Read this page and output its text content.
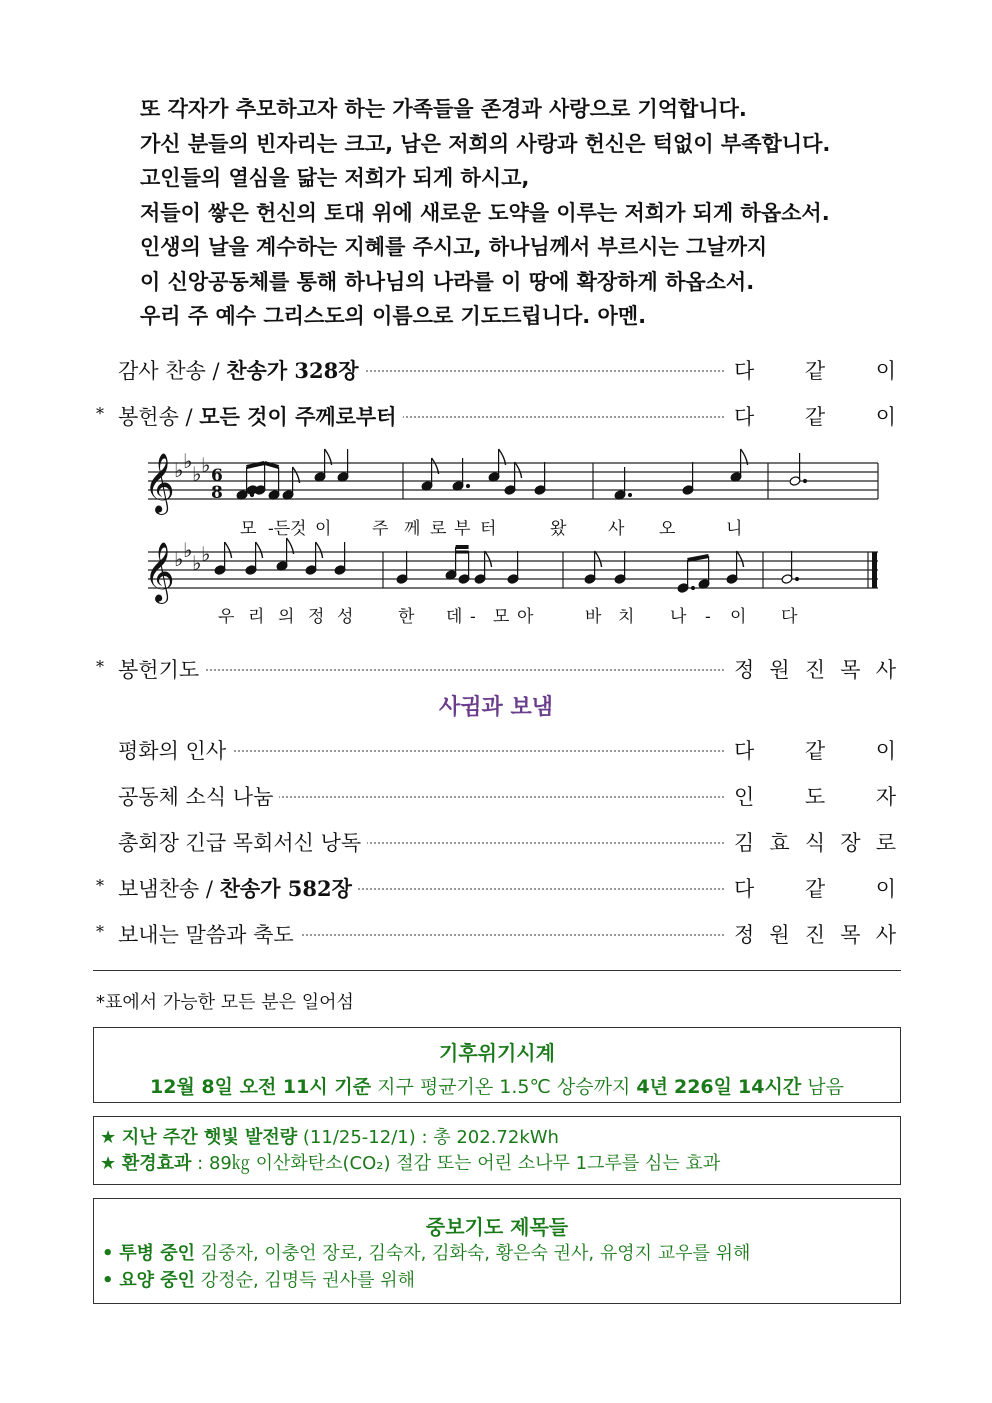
또 각자가 추모하고자 하는 가족들을 존경과 사랑으로 기억합니다.
가신 분들의 빈자리는 크고, 남은 저희의 사랑과 헌신은 턱없이 부족합니다.
고인들의 열심을 닮는 저희가 되게 하시고,
저들이 쌓은 헌신의 토대 위에 새로운 도약을 이루는 저희가 되게 하옵소서.
인생의 날을 계수하는 지혜를 주시고, 하나님께서 부르시는 그날까지
이 신앙공동체를 통해 하나님의 나라를 이 땅에 확장하게 하옵소서.
우리 주 예수 그리스도의 이름으로 기도드립니다. 아멘.
감사 찬송 / 찬송가 328장	다 같 이
* 봉헌송 / 모든 것이 주께로부터	다 같 이
𝄞
𝄞
♭ ♭
♭ ♭
♭ ♭
♭ ♭
6
8
모 -든 것 이 주 께 로 부 터	왔 사 오	니
우 리 의 정 성	한 데 - 모 아	바 치 나 - 이 다
* 봉헌기도	정 원 진 목 사
사귐과 보냄
평화의 인사	다 같 이
공동체 소식 나눔	인 도 자
총회장 긴급 목회서신 낭독	김 효 식 장 로
* 보냄찬송 / 찬송가 582장	다 같 이
* 보내는 말씀과 축도	정 원 진 목 사
*표에서 가능한 모든 분은 일어섬
기후위기시계
12월 8일 오전 11시 기준 지구 평균기온 1.5℃ 상승까지 4년 226일 14시간 남음
★ 지난 주간 햇빛 발전량 (11/25-12/1) : 총 202.72kWh
★ 환경효과 : 89㎏ 이산화탄소(CO₂) 절감 또는 어린 소나무 1그루를 심는 효과
중보기도 제목들
• 투병 중인 김중자, 이충언 장로, 김숙자, 김화숙, 황은숙 권사, 유영지 교우를 위해
• 요양 중인 강정순, 김명득 권사를 위해
